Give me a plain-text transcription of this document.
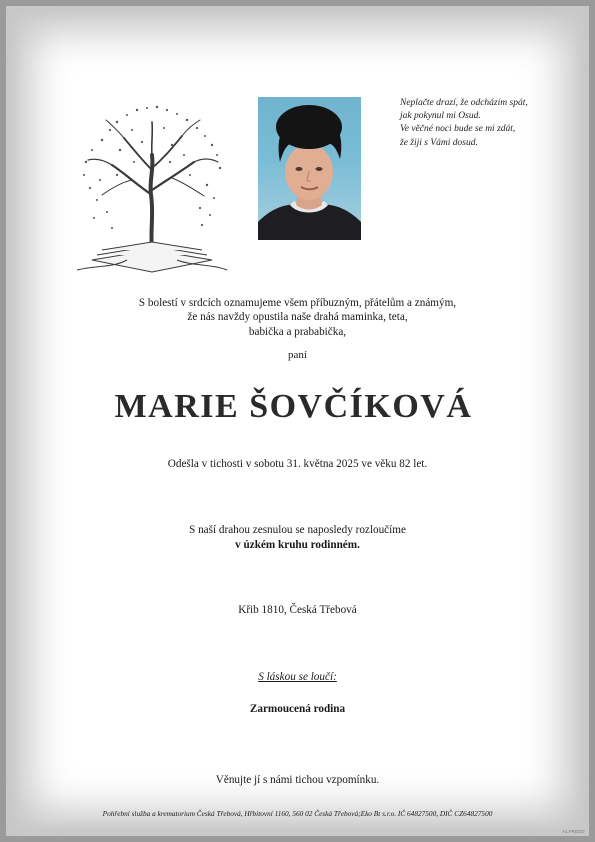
Neplačte drazí, že odcházím spát,
jak pokynul mi Osud.
Ve věčné noci bude se mi zdát,
že žiji s Vámi dosud.
S bolestí v srdcích oznamujeme všem příbuzným, přátelům a známým,
že nás navždy opustila naše drahá maminka, teta,
babička a prababička,
paní
MARIE ŠOVČÍKOVÁ
Odešla v tichosti v sobotu 31. května 2025 ve věku 82 let.
S naší drahou zesnulou se naposledy rozloučíme
v úzkém kruhu rodinném.
Křib 1810, Česká Třebová
S láskou se loučí:
Zarmoucená rodina
Věnujte jí s námi tichou vzpomínku.
Pohřební služba a krematorium Česká Třebová, Hřbitovní 1160, 560 02 Česká Třebová;Eko Bt s.r.o. IČ 64827500, DIČ CZ64827500
A1.PR0337
